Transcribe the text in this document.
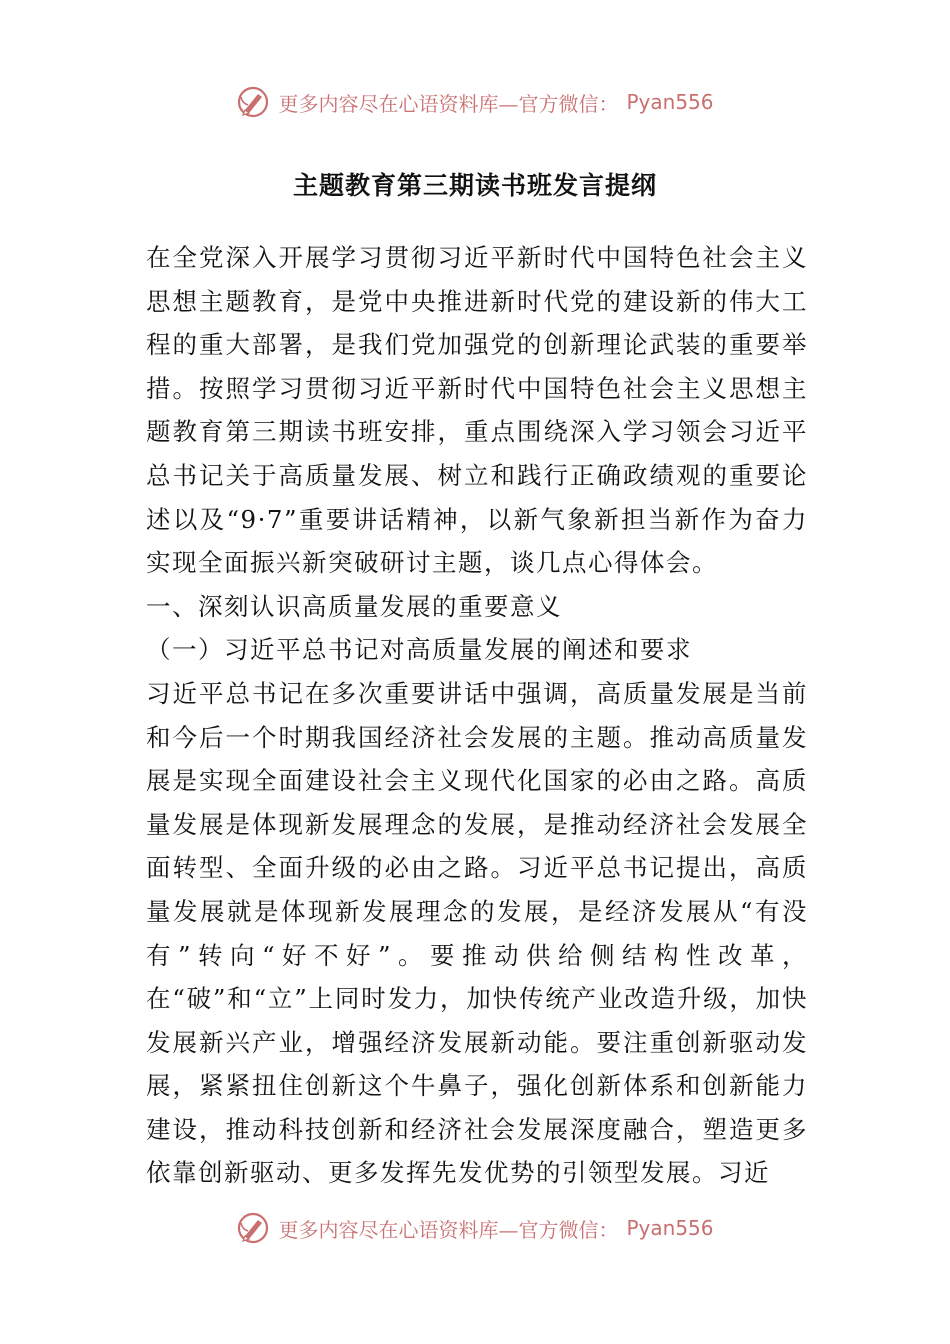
更多内容尽在心语资料库—官方微信： Pyan556
主题教育第三期读书班发言提纲

在全党深入开展学习贯彻习近平新时代中国特色社会主义思想主题教育，是党中央推进新时代党的建设新的伟大工程的重大部署，是我们党加强党的创新理论武装的重要举措。按照学习贯彻习近平新时代中国特色社会主义思想主题教育第三期读书班安排，重点围绕深入学习领会习近平总书记关于高质量发展、树立和践行正确政绩观的重要论述以及“9·7”重要讲话精神，以新气象新担当新作为奋力实现全面振兴新突破研讨主题，谈几点心得体会。

一、深刻认识高质量发展的重要意义

（一）习近平总书记对高质量发展的阐述和要求

习近平总书记在多次重要讲话中强调，高质量发展是当前和今后一个时期我国经济社会发展的主题。推动高质量发展是实现全面建设社会主义现代化国家的必由之路。高质量发展是体现新发展理念的发展，是推动经济社会发展全面转型、全面升级的必由之路。习近平总书记提出，高质量发展就是体现新发展理念的发展，是经济发展从“有没有”转向“好不好”。要推动供给侧结构性改革，在“破”和“立”上同时发力，加快传统产业改造升级，加快发展新兴产业，增强经济发展新动能。要注重创新驱动发展，紧紧扭住创新这个牛鼻子，强化创新体系和创新能力建设，推动科技创新和经济社会发展深度融合，塑造更多依靠创新驱动、更多发挥先发优势的引领型发展。习近

更多内容尽在心语资料库—官方微信： Pyan556
